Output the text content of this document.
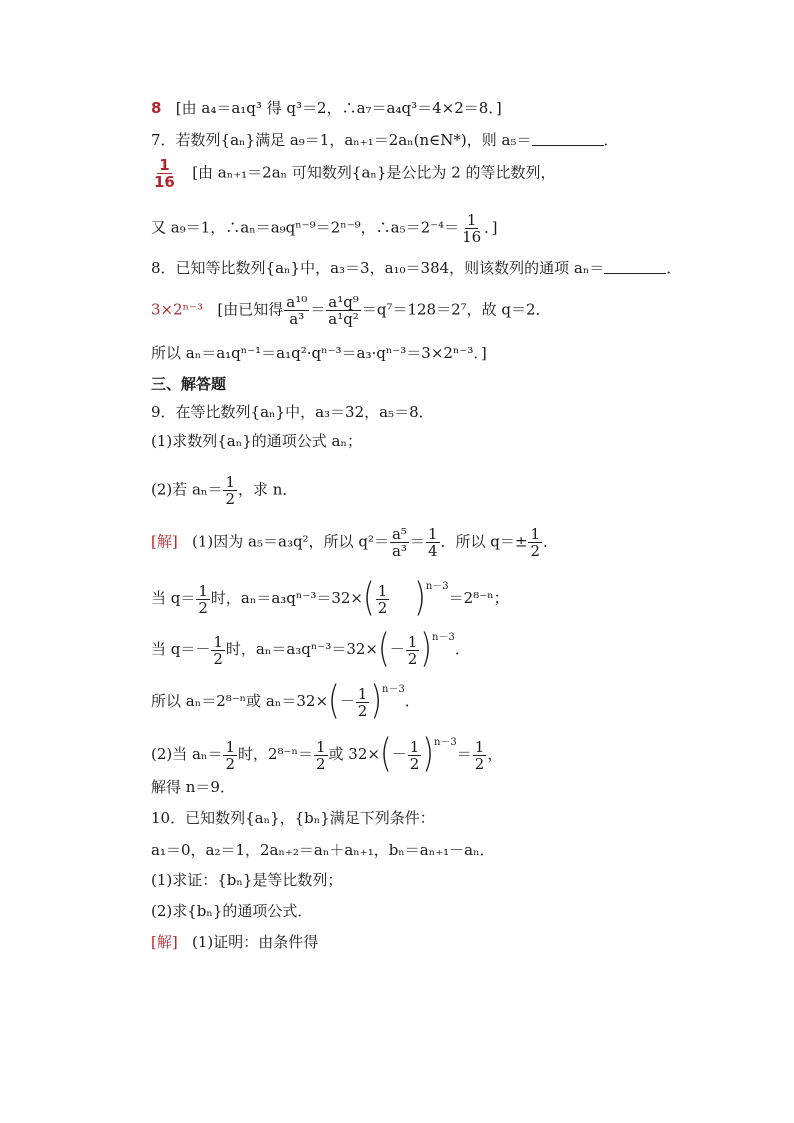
8 [由 a₄＝a₁q³ 得 q³＝2，∴a₇＝a₄q³＝4×2＝8．]
7．若数列{aₙ}满足 a₉＝1，aₙ₊₁＝2aₙ(n∈N*)，则 a₅＝	．
$\frac{1}{16}$ [由 aₙ₊₁＝2aₙ 可知数列{aₙ}是公比为 2 的等比数列，
又 a₉＝1，∴aₙ＝a₉qⁿ⁻⁹＝2ⁿ⁻⁹，∴a₅＝2⁻⁴＝ $\frac{1}{16}$ ．]
8．已知等比数列{aₙ}中，a₃＝3，a₁₀＝384，则该数列的通项 aₙ＝	．
3×2ⁿ⁻³ [由已知得 $\frac{\text{a¹⁰}}{\text{a³}} = \frac{\text{a¹q⁹}}{\text{a¹q²}} =q^7=128=2^7$，故 q＝2．
所以 aₙ＝a₁qⁿ⁻¹＝a₁q²·qⁿ⁻³＝a₃·qⁿ⁻³＝3×2ⁿ⁻³．]
三、解答题
9．在等比数列{aₙ}中，a₃＝32，a₅＝8．
(1)求数列{aₙ}的通项公式 aₙ；
(2)若 $a_n= \frac{1}{2}$ ，求 n．
[解] (1)因为 a₅＝a₃q²，所以 $q^2= \frac{\text{a⁵}}{\text{a³}} = \frac{1}{4}$ ．所以 $q=\pm \frac{1}{2}$ ．
当 $q= \frac{1}{2}$ 时，$a_n=a_3q^{n-3}=32\times( \frac{1}{2} )n-3=2^{8-n}$；
当 $q=- \frac{1}{2}$ 时，$a_n=a_3q^{n-3}=32\times(- \frac{1}{2} )n-3$．
所以 aₙ＝2⁸⁻ⁿ或 $a_n=32\times(- \frac{1}{2} )n-3$．
(2)当 $a_n= \frac{1}{2}$ 时，$2^{8-n}= \frac{1}{2}$ 或 $32\times(- \frac{1}{2} )n-3= \frac{1}{2}$ ，
解得 n＝9．
10．已知数列{aₙ}，{bₙ}满足下列条件：
a₁＝0，a₂＝1，2aₙ₊₂＝aₙ＋aₙ₊₁，bₙ＝aₙ₊₁－aₙ．
(1)求证：{bₙ}是等比数列；
(2)求{bₙ}的通项公式．
[解] (1)证明：由条件得
